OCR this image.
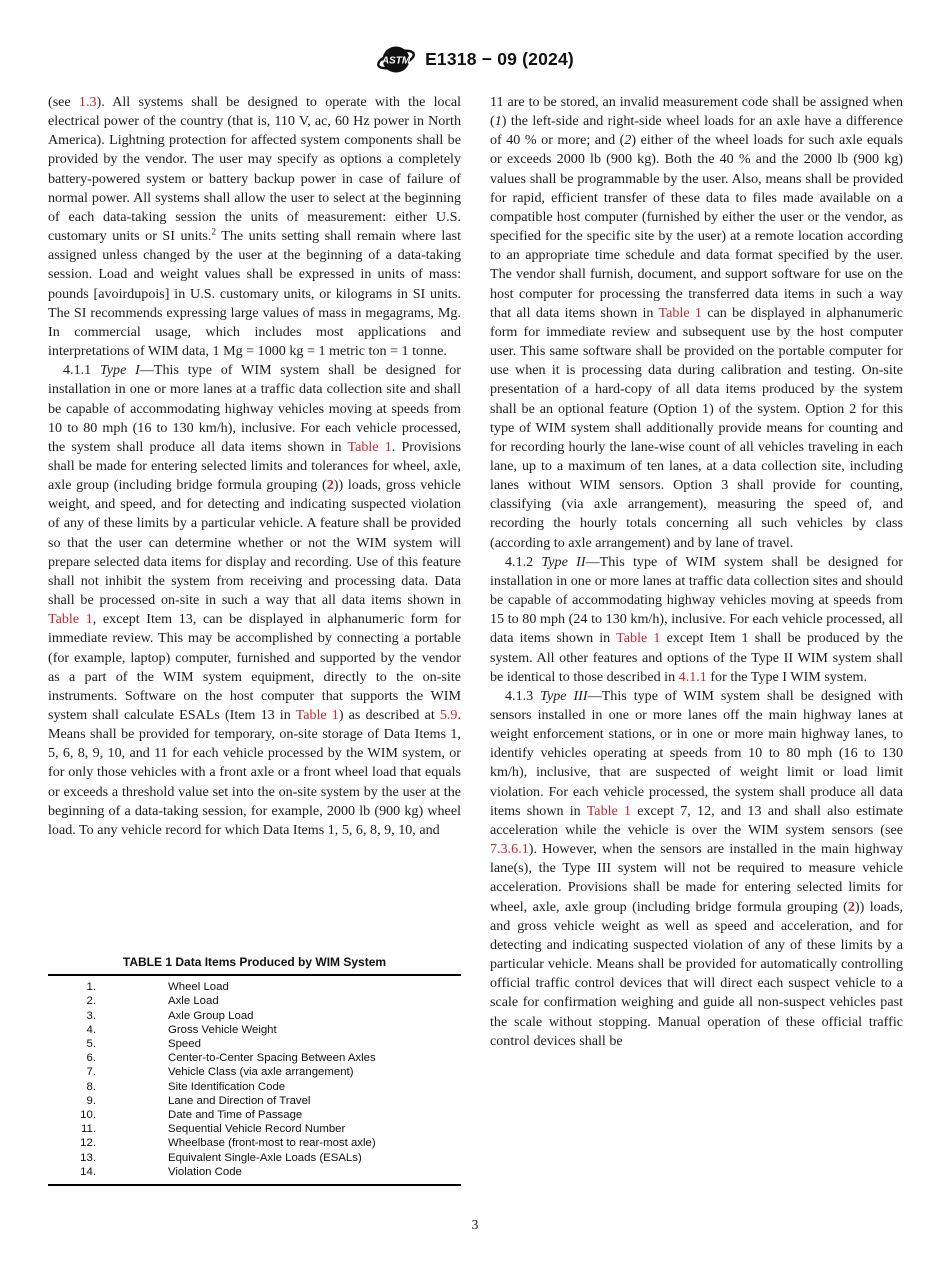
ASTM E1318 − 09 (2024)

(see 1.3). All systems shall be designed to operate with the local electrical power of the country (that is, 110 V, ac, 60 Hz power in North America). Lightning protection for affected system components shall be provided by the vendor. The user may specify as options a completely battery-powered system or battery backup power in case of failure of normal power. All systems shall allow the user to select at the beginning of each data-taking session the units of measurement: either U.S. customary units or SI units.$^2$ The units setting shall remain where last assigned unless changed by the user at the beginning of a data-taking session. Load and weight values shall be expressed in units of mass: pounds [avoirdupois] in U.S. customary units, or kilograms in SI units. The SI recommends expressing large values of mass in megagrams, Mg. In commercial usage, which includes most applications and interpretations of WIM data, 1 Mg = 1000 kg = 1 metric ton = 1 tonne.

4.1.1 Type I—This type of WIM system shall be designed for installation in one or more lanes at a traffic data collection site and shall be capable of accommodating highway vehicles moving at speeds from 10 to 80 mph (16 to 130 km/h), inclusive. For each vehicle processed, the system shall produce all data items shown in Table 1. Provisions shall be made for entering selected limits and tolerances for wheel, axle, axle group (including bridge formula grouping (2)) loads, gross vehicle weight, and speed, and for detecting and indicating suspected violation of any of these limits by a particular vehicle. A feature shall be provided so that the user can determine whether or not the WIM system will prepare selected data items for display and recording. Use of this feature shall not inhibit the system from receiving and processing data. Data shall be processed on-site in such a way that all data items shown in Table 1, except Item 13, can be displayed in alphanumeric form for immediate review. This may be accomplished by connecting a portable (for example, laptop) computer, furnished and supported by the vendor as a part of the WIM system equipment, directly to the on-site instruments. Software on the host computer that supports the WIM system shall calculate ESALs (Item 13 in Table 1) as described at 5.9. Means shall be provided for temporary, on-site storage of Data Items 1, 5, 6, 8, 9, 10, and 11 for each vehicle processed by the WIM system, or for only those vehicles with a front axle or a front wheel load that equals or exceeds a threshold value set into the on-site system by the user at the beginning of a data-taking session, for example, 2000 lb (900 kg) wheel load. To any vehicle record for which Data Items 1, 5, 6, 8, 9, 10, and

TABLE 1 Data Items Produced by WIM System
1.	Wheel Load
2.	Axle Load
3.	Axle Group Load
4.	Gross Vehicle Weight
5.	Speed
6.	Center-to-Center Spacing Between Axles
7.	Vehicle Class (via axle arrangement)
8.	Site Identification Code
9.	Lane and Direction of Travel
10.	Date and Time of Passage
11.	Sequential Vehicle Record Number
12.	Wheelbase (front-most to rear-most axle)
13.	Equivalent Single-Axle Loads (ESALs)
14.	Violation Code

11 are to be stored, an invalid measurement code shall be assigned when (1) the left-side and right-side wheel loads for an axle have a difference of 40 % or more; and (2) either of the wheel loads for such axle equals or exceeds 2000 lb (900 kg). Both the 40 % and the 2000 lb (900 kg) values shall be programmable by the user. Also, means shall be provided for rapid, efficient transfer of these data to files made available on a compatible host computer (furnished by either the user or the vendor, as specified for the specific site by the user) at a remote location according to an appropriate time schedule and data format specified by the user. The vendor shall furnish, document, and support software for use on the host computer for processing the transferred data items in such a way that all data items shown in Table 1 can be displayed in alphanumeric form for immediate review and subsequent use by the host computer user. This same software shall be provided on the portable computer for use when it is processing data during calibration and testing. On-site presentation of a hard-copy of all data items produced by the system shall be an optional feature (Option 1) of the system. Option 2 for this type of WIM system shall additionally provide means for counting and for recording hourly the lane-wise count of all vehicles traveling in each lane, up to a maximum of ten lanes, at a data collection site, including lanes without WIM sensors. Option 3 shall provide for counting, classifying (via axle arrangement), measuring the speed of, and recording the hourly totals concerning all such vehicles by class (according to axle arrangement) and by lane of travel.

4.1.2 Type II—This type of WIM system shall be designed for installation in one or more lanes at traffic data collection sites and should be capable of accommodating highway vehicles moving at speeds from 15 to 80 mph (24 to 130 km/h), inclusive. For each vehicle processed, all data items shown in Table 1 except Item 1 shall be produced by the system. All other features and options of the Type II WIM system shall be identical to those described in 4.1.1 for the Type I WIM system.

4.1.3 Type III—This type of WIM system shall be designed with sensors installed in one or more lanes off the main highway lanes at weight enforcement stations, or in one or more main highway lanes, to identify vehicles operating at speeds from 10 to 80 mph (16 to 130 km/h), inclusive, that are suspected of weight limit or load limit violation. For each vehicle processed, the system shall produce all data items shown in Table 1 except 7, 12, and 13 and shall also estimate acceleration while the vehicle is over the WIM system sensors (see 7.3.6.1). However, when the sensors are installed in the main highway lane(s), the Type III system will not be required to measure vehicle acceleration. Provisions shall be made for entering selected limits for wheel, axle, axle group (including bridge formula grouping (2)) loads, and gross vehicle weight as well as speed and acceleration, and for detecting and indicating suspected violation of any of these limits by a particular vehicle. Means shall be provided for automatically controlling official traffic control devices that will direct each suspect vehicle to a scale for confirmation weighing and guide all non-suspect vehicles past the scale without stopping. Manual operation of these official traffic control devices shall be

3
